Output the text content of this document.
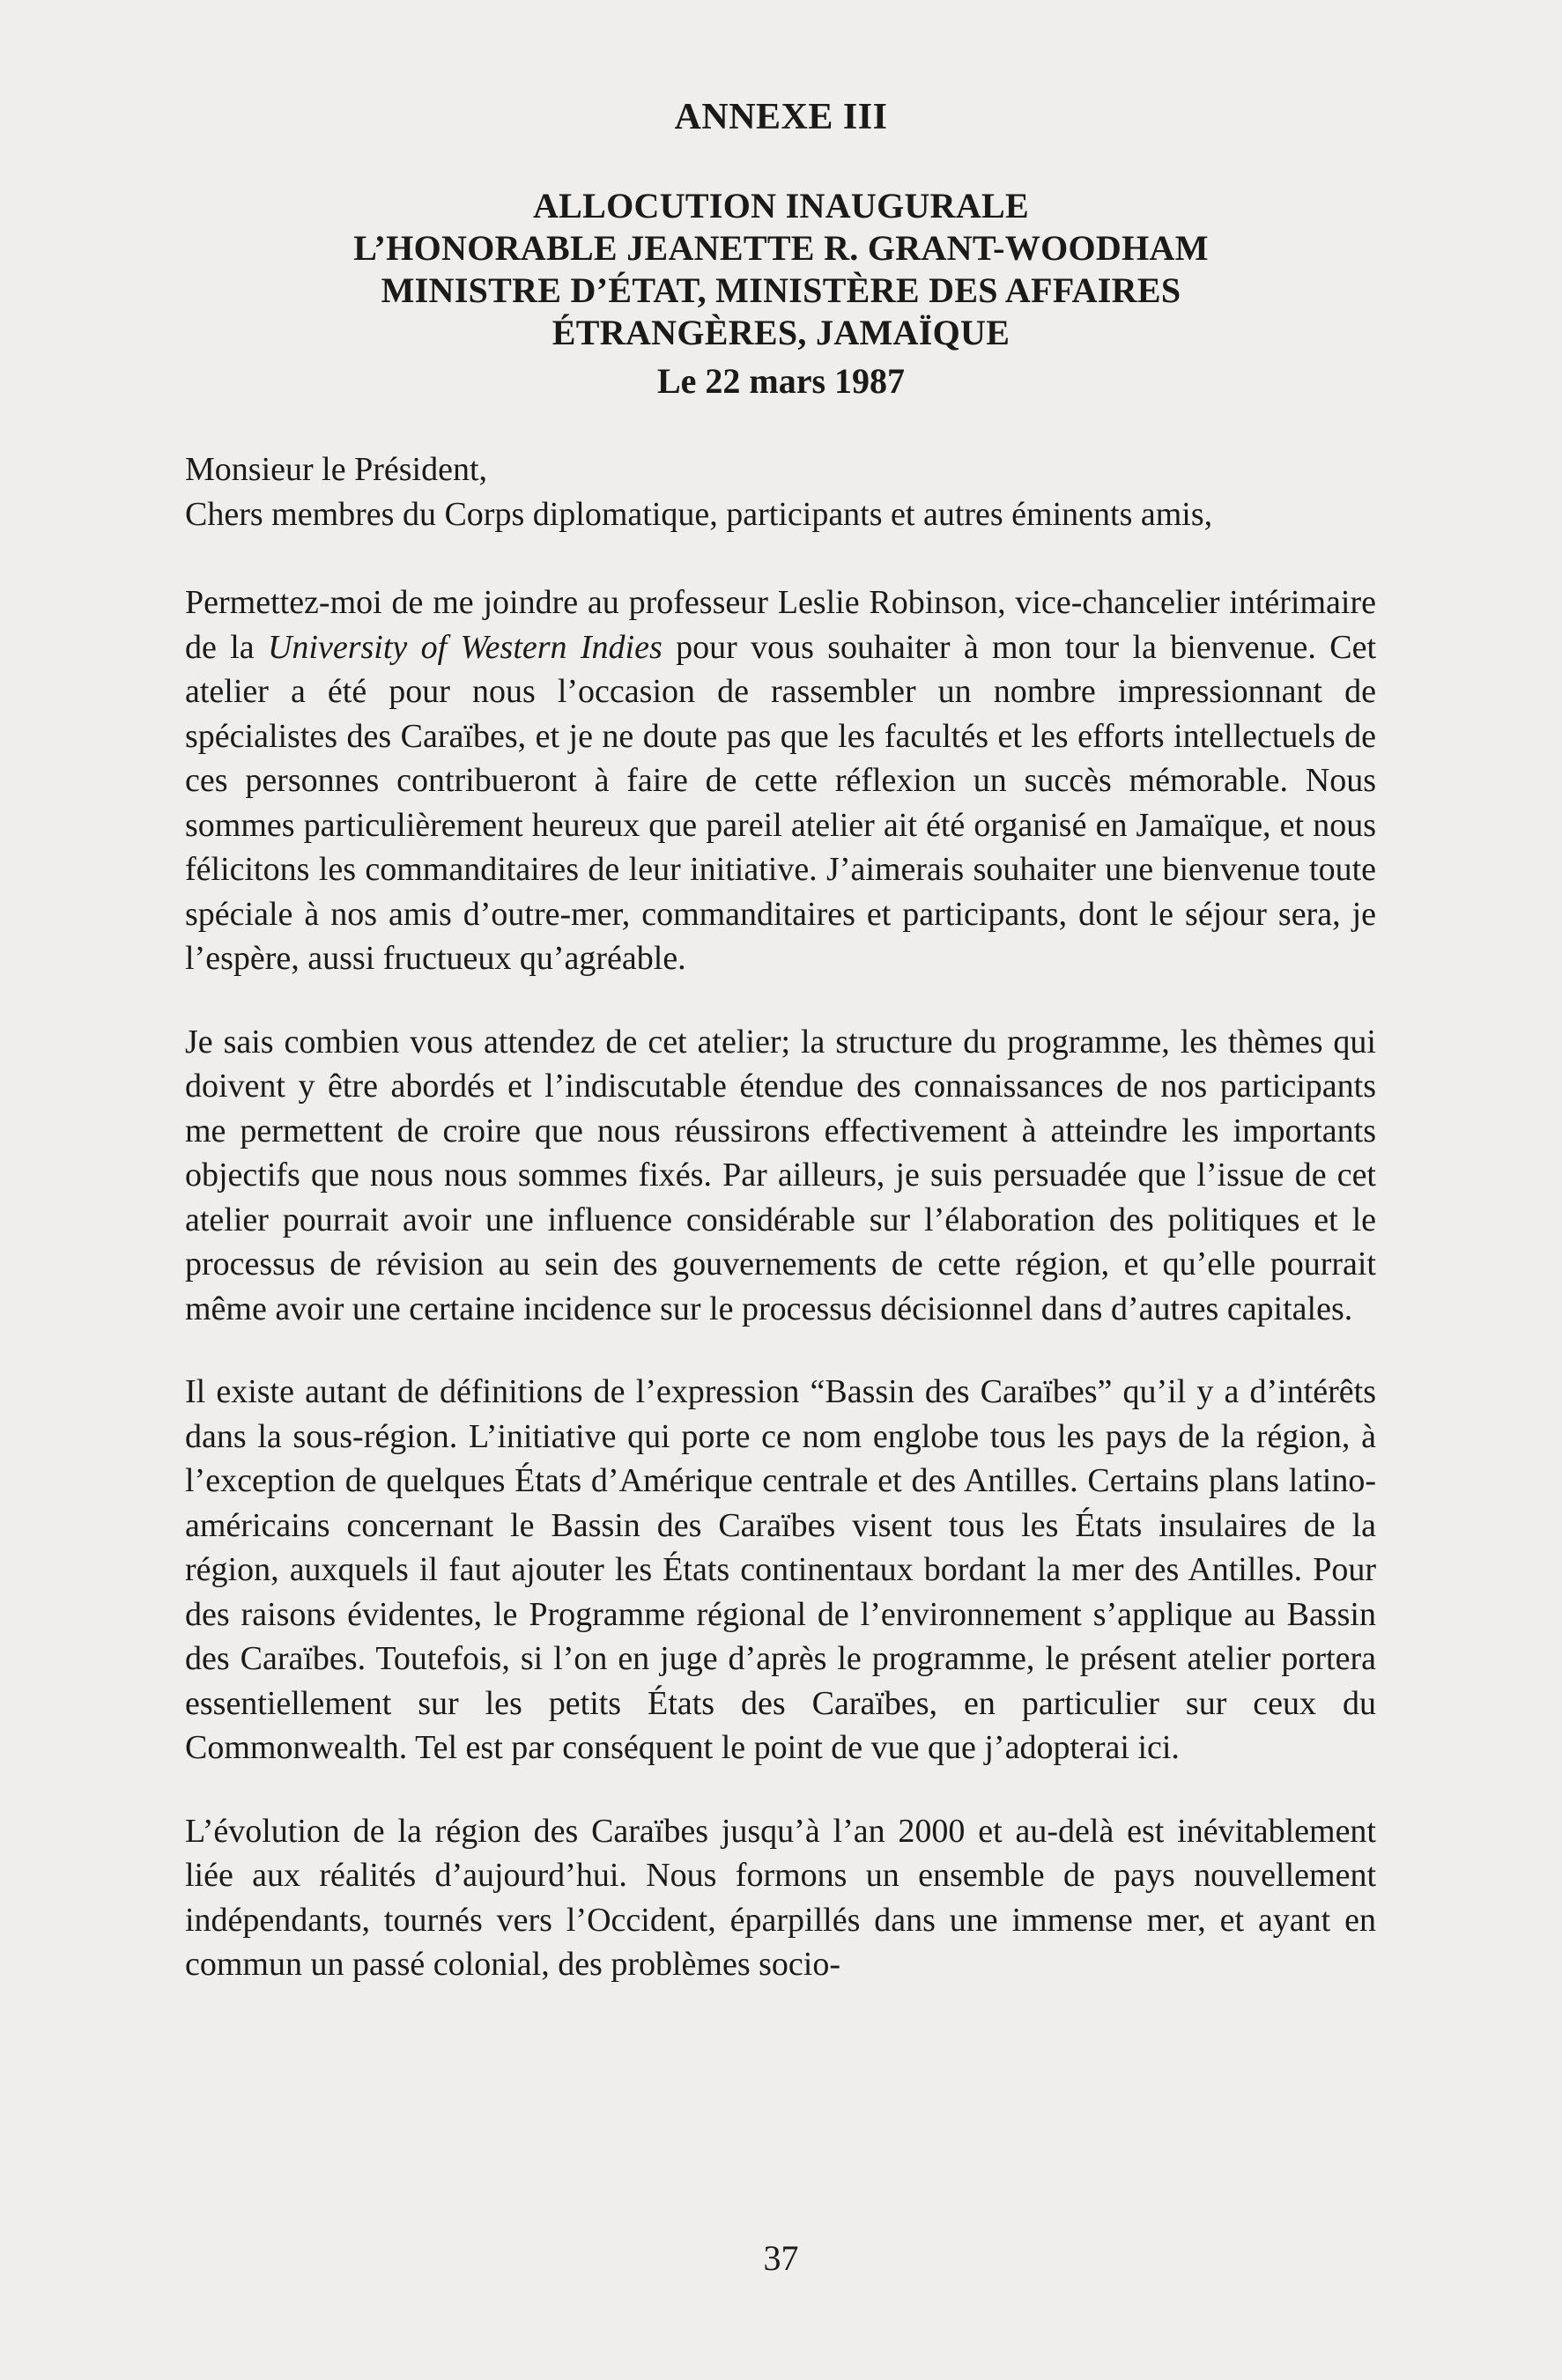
ANNEXE III

ALLOCUTION INAUGURALE

L’HONORABLE JEANETTE R. GRANT-WOODHAM

MINISTRE D’ÉTAT, MINISTÈRE DES AFFAIRES

ÉTRANGÈRES, JAMAÏQUE

Le 22 mars 1987

Monsieur le Président,

Chers membres du Corps diplomatique, participants et autres éminents amis,

Permettez-moi de me joindre au professeur Leslie Robinson, vice-chancelier intérimaire de la University of Western Indies pour vous souhaiter à mon tour la bienvenue. Cet atelier a été pour nous l’occasion de rassembler un nombre impressionnant de spécialistes des Caraïbes, et je ne doute pas que les facultés et les efforts intellectuels de ces personnes contribueront à faire de cette réflexion un succès mémorable. Nous sommes particulièrement heureux que pareil atelier ait été organisé en Jamaïque, et nous félicitons les commanditaires de leur initiative. J’aimerais souhaiter une bienvenue toute spéciale à nos amis d’outre-mer, commanditaires et participants, dont le séjour sera, je l’espère, aussi fructueux qu’agréable.

Je sais combien vous attendez de cet atelier; la structure du programme, les thèmes qui doivent y être abordés et l’indiscutable étendue des connaissances de nos participants me permettent de croire que nous réussirons effectivement à atteindre les importants objectifs que nous nous sommes fixés. Par ailleurs, je suis persuadée que l’issue de cet atelier pourrait avoir une influence considérable sur l’élaboration des politiques et le processus de révision au sein des gouvernements de cette région, et qu’elle pourrait même avoir une certaine incidence sur le processus décisionnel dans d’autres capitales.

Il existe autant de définitions de l’expression “Bassin des Caraïbes” qu’il y a d’intérêts dans la sous-région. L’initiative qui porte ce nom englobe tous les pays de la région, à l’exception de quelques États d’Amérique centrale et des Antilles. Certains plans latino-américains concernant le Bassin des Caraïbes visent tous les États insulaires de la région, auxquels il faut ajouter les États continentaux bordant la mer des Antilles. Pour des raisons évidentes, le Programme régional de l’environnement s’applique au Bassin des Caraïbes. Toutefois, si l’on en juge d’après le programme, le présent atelier portera essentiellement sur les petits États des Caraïbes, en particulier sur ceux du Commonwealth. Tel est par conséquent le point de vue que j’adopterai ici.

L’évolution de la région des Caraïbes jusqu’à l’an 2000 et au-delà est inévitablement liée aux réalités d’aujourd’hui. Nous formons un ensemble de pays nouvellement indépendants, tournés vers l’Occident, éparpillés dans une immense mer, et ayant en commun un passé colonial, des problèmes socio-

37
